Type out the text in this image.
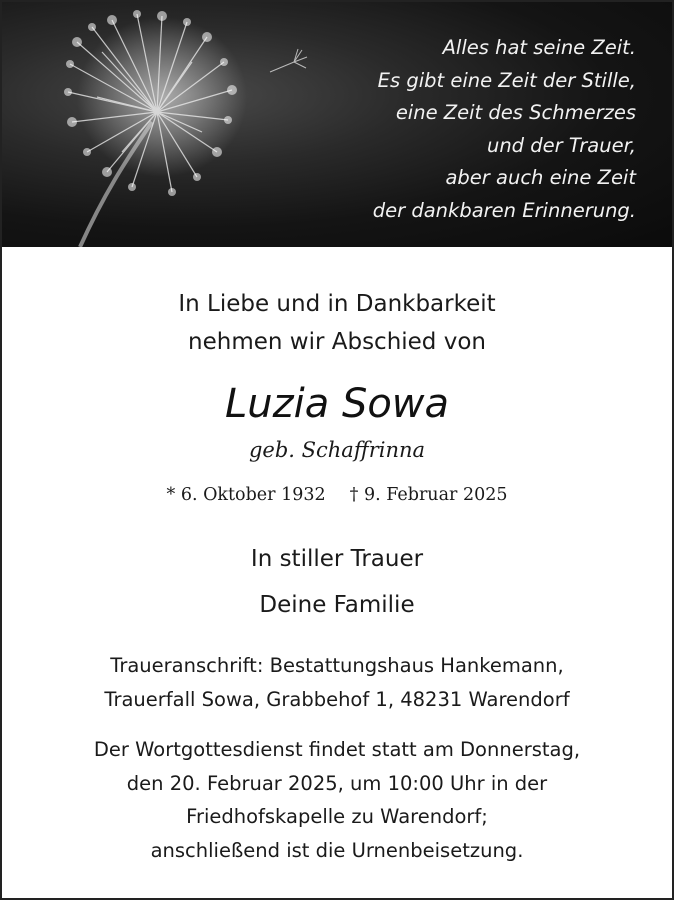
Alles hat seine Zeit.
Es gibt eine Zeit der Stille,
eine Zeit des Schmerzes
und der Trauer,
aber auch eine Zeit
der dankbaren Erinnerung.
In Liebe und in Dankbarkeit
nehmen wir Abschied von
Luzia Sowa
geb. Schaffrinna
* 6. Oktober 1932 † 9. Februar 2025
In stiller Trauer
Deine Familie
Traueranschrift: Bestattungshaus Hankemann,
Trauerfall Sowa, Grabbehof 1, 48231 Warendorf
Der Wortgottesdienst findet statt am Donnerstag,
den 20. Februar 2025, um 10:00 Uhr in der
Friedhofskapelle zu Warendorf;
anschließend ist die Urnenbeisetzung.
